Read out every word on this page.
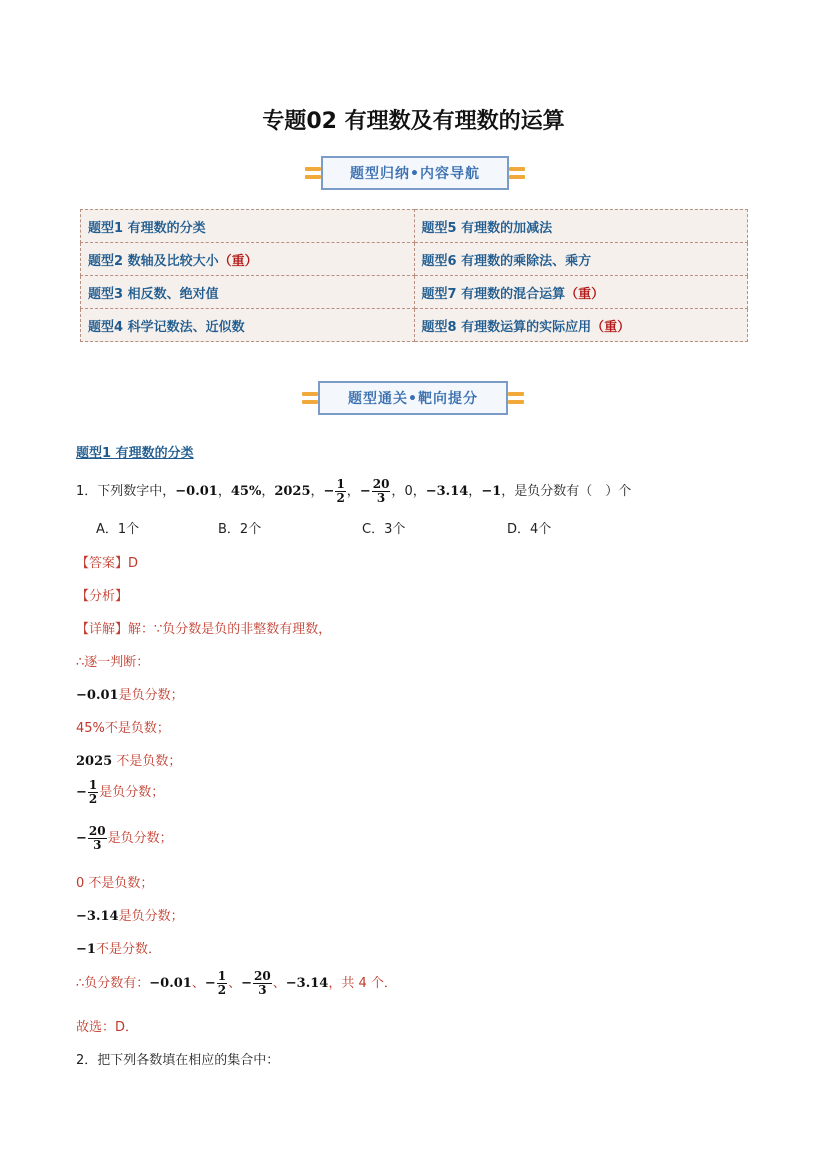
专题02 有理数及有理数的运算
题型归纳•内容导航
题型1 有理数的分类	题型5 有理数的加减法
题型2 数轴及比较大小（重）	题型6 有理数的乘除法、乘方
题型3 相反数、绝对值	题型7 有理数的混合运算（重）
题型4 科学记数法、近似数	题型8 有理数运算的实际应用（重）
题型通关•靶向提分
题型1 有理数的分类
1．下列数字中，−0.01，45%，2025，− $\frac{1}{2}$ ，− $\frac{20}{3}$ ，0，−3.14，−1，是负分数有（　）个
A．1个	B．2个	C．3个	D．4个
【答案】D
【分析】
【详解】解：∵负分数是负的非整数有理数，
∴逐一判断：
−0.01是负分数；
45%不是负数；
2025 不是负数；
− $\frac{1}{2}$ 是负分数；
− $\frac{20}{3}$ 是负分数；
0 不是负数；
−3.14是负分数；
−1不是分数．
∴负分数有：−0.01、− $\frac{1}{2}$ 、− $\frac{20}{3}$ 、−3.14，共 4 个．
故选：D．
2．把下列各数填在相应的集合中：
